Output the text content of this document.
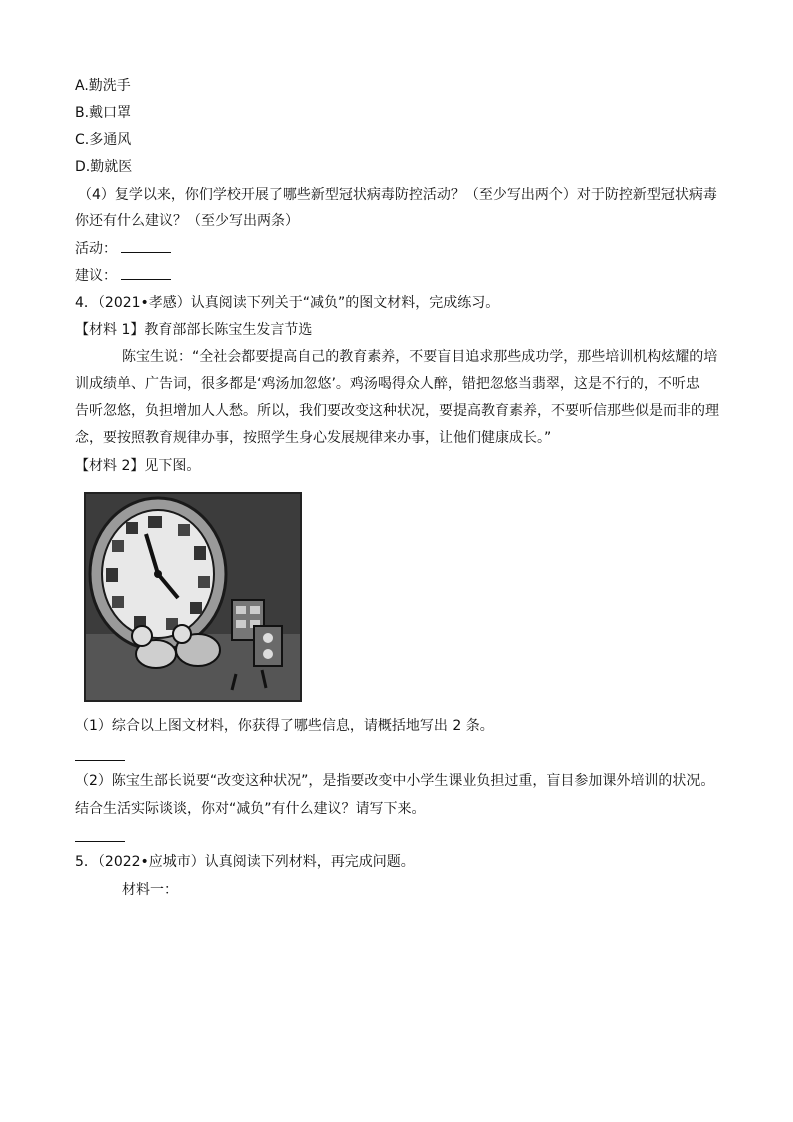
A.勤洗手
B.戴口罩
C.多通风
D.勤就医
（4）复学以来，你们学校开展了哪些新型冠状病毒防控活动？（至少写出两个）对于防控新型冠状病毒
你还有什么建议？（至少写出两条）
活动：
建议：
4．（2021•孝感）认真阅读下列关于“减负”的图文材料，完成练习。
【材料 1】教育部部长陈宝生发言节选
陈宝生说：“全社会都要提高自己的教育素养，不要盲目追求那些成功学，那些培训机构炫耀的培
训成绩单、广告词，很多都是‘鸡汤加忽悠’。鸡汤喝得众人醉，错把忽悠当翡翠，这是不行的，不听忠
告听忽悠，负担增加人人愁。所以，我们要改变这种状况，要提高教育素养，不要听信那些似是而非的理
念，要按照教育规律办事，按照学生身心发展规律来办事，让他们健康成长。”
【材料 2】见下图。
（1）综合以上图文材料，你获得了哪些信息，请概括地写出 2 条。
（2）陈宝生部长说要“改变这种状况”，是指要改变中小学生课业负担过重，盲目参加课外培训的状况。
结合生活实际谈谈，你对“减负”有什么建议？请写下来。
5．（2022•应城市）认真阅读下列材料，再完成问题。
材料一：
